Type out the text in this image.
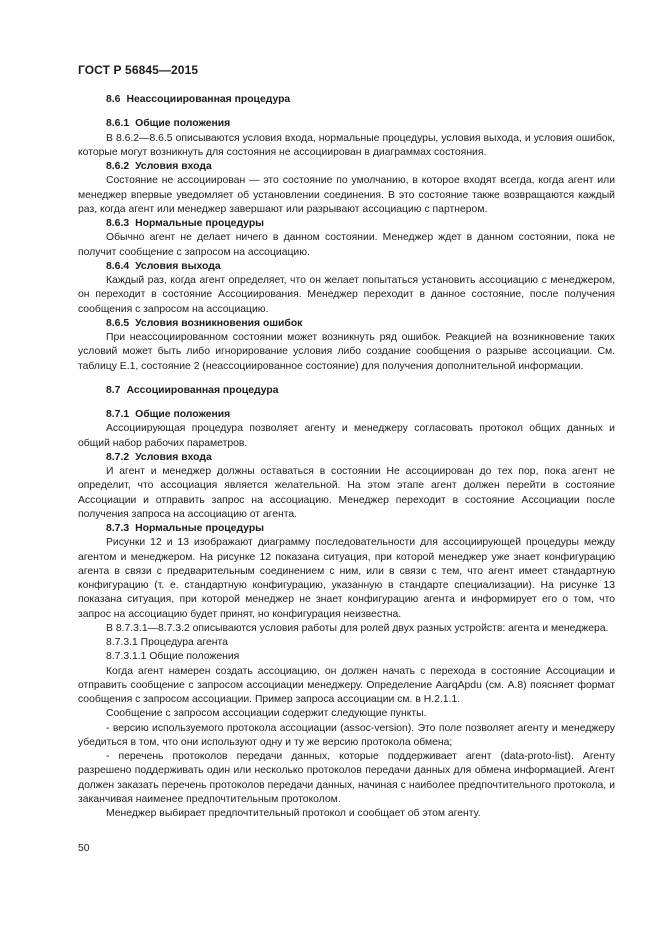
ГОСТ Р 56845—2015

8.6 Неассоциированная процедура

8.6.1 Общие положения

В 8.6.2—8.6.5 описываются условия входа, нормальные процедуры, условия выхода, и условия ошибок, которые могут возникнуть для состояния не ассоциирован в диаграммах состояния.

8.6.2 Условия входа

Состояние не ассоциирован — это состояние по умолчанию, в которое входят всегда, когда агент или менеджер впервые уведомляет об установлении соединения. В это состояние также возвращаются каждый раз, когда агент или менеджер завершают или разрывают ассоциацию с партнером.

8.6.3 Нормальные процедуры

Обычно агент не делает ничего в данном состоянии. Менеджер ждет в данном состоянии, пока не получит сообщение с запросом на ассоциацию.

8.6.4 Условия выхода

Каждый раз, когда агент определяет, что он желает попытаться установить ассоциацию с менеджером, он переходит в состояние Ассоциирования. Менеджер переходит в данное состояние, после получения сообщения с запросом на ассоциацию.

8.6.5 Условия возникновения ошибок

При неассоциированном состоянии может возникнуть ряд ошибок. Реакцией на возникновение таких условий может быть либо игнорирование условия либо создание сообщения о разрыве ассоциации. См. таблицу Е.1, состояние 2 (неассоциированное состояние) для получения дополнительной информации.

8.7 Ассоциированная процедура

8.7.1 Общие положения

Ассоциирующая процедура позволяет агенту и менеджеру согласовать протокол общих данных и общий набор рабочих параметров.

8.7.2 Условия входа

И агент и менеджер должны оставаться в состоянии Не ассоциирован до тех пор, пока агент не определит, что ассоциация является желательной. На этом этапе агент должен перейти в состояние Ассоциации и отправить запрос на ассоциацию. Менеджер переходит в состояние Ассоциации после получения запроса на ассоциацию от агента.

8.7.3 Нормальные процедуры

Рисунки 12 и 13 изображают диаграмму последовательности для ассоциирующей процедуры между агентом и менеджером. На рисунке 12 показана ситуация, при которой менеджер уже знает конфигурацию агента в связи с предварительным соединением с ним, или в связи с тем, что агент имеет стандартную конфигурацию (т. е. стандартную конфигурацию, указанную в стандарте специализации). На рисунке 13 показана ситуация, при которой менеджер не знает конфигурацию агента и информирует его о том, что запрос на ассоциацию будет принят, но конфигурация неизвестна.

В 8.7.3.1—8.7.3.2 описываются условия работы для ролей двух разных устройств: агента и менеджера.

8.7.3.1 Процедура агента

8.7.3.1.1 Общие положения

Когда агент намерен создать ассоциацию, он должен начать с перехода в состояние Ассоциации и отправить сообщение с запросом ассоциации менеджеру. Определение AarqApdu (см. А.8) поясняет формат сообщения с запросом ассоциации. Пример запроса ассоциации см. в Н.2.1.1.

Сообщение с запросом ассоциации содержит следующие пункты.

- версию используемого протокола ассоциации (assoc-version). Это поле позволяет агенту и менеджеру убедиться в том, что они используют одну и ту же версию протокола обмена;

- перечень протоколов передачи данных, которые поддерживает агент (data-proto-list). Агенту разрешено поддерживать один или несколько протоколов передачи данных для обмена информацией. Агент должен заказать перечень протоколов передачи данных, начиная с наиболее предпочтительного протокола, и заканчивая наименее предпочтительным протоколом.

Менеджер выбирает предпочтительный протокол и сообщает об этом агенту.

50
